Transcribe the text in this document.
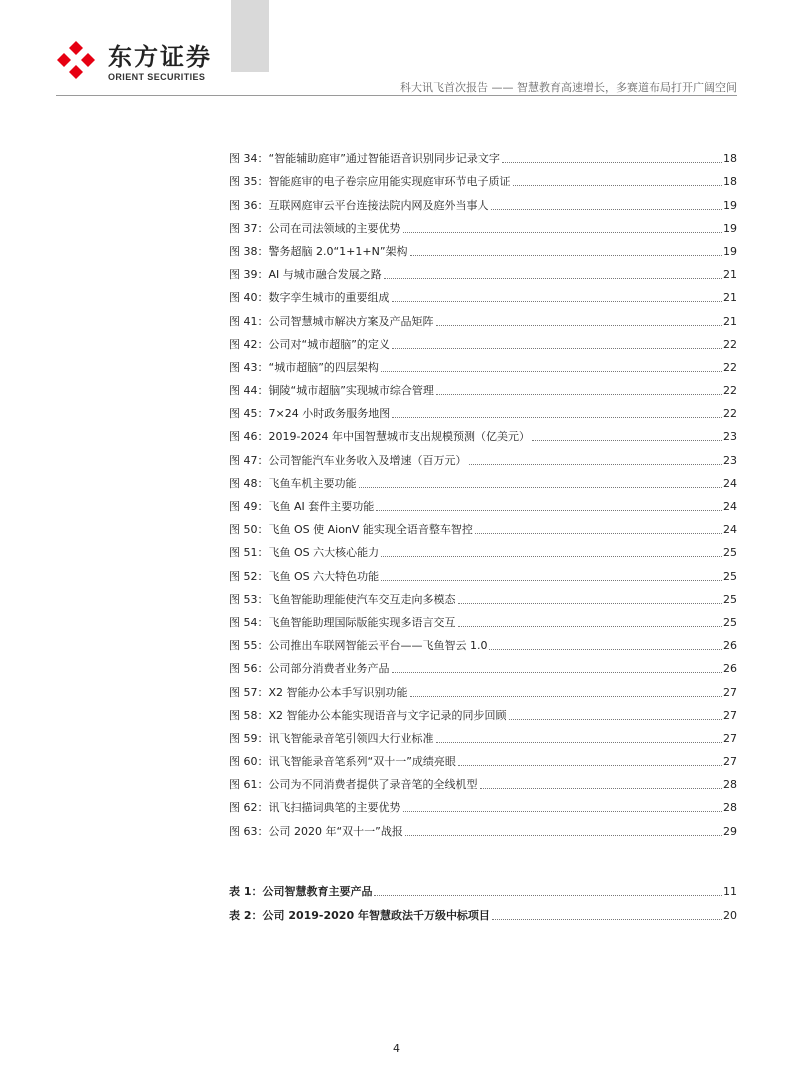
东方证券
ORIENT SECURITIES
科大讯飞首次报告 —— 智慧教育高速增长，多赛道布局打开广阔空间
图 34：“智能辅助庭审”通过智能语音识别同步记录文字	18
图 35：智能庭审的电子卷宗应用能实现庭审环节电子质证	18
图 36：互联网庭审云平台连接法院内网及庭外当事人	19
图 37：公司在司法领域的主要优势	19
图 38：警务超脑 2.0“1+1+N”架构	19
图 39：AI 与城市融合发展之路	21
图 40：数字孪生城市的重要组成	21
图 41：公司智慧城市解决方案及产品矩阵	21
图 42：公司对“城市超脑”的定义	22
图 43：“城市超脑”的四层架构	22
图 44：铜陵“城市超脑”实现城市综合管理	22
图 45：7×24 小时政务服务地图	22
图 46：2019-2024 年中国智慧城市支出规模预测（亿美元）	23
图 47：公司智能汽车业务收入及增速（百万元）	23
图 48：飞鱼车机主要功能	24
图 49：飞鱼 AI 套件主要功能	24
图 50：飞鱼 OS 使 AionV 能实现全语音整车智控	24
图 51：飞鱼 OS 六大核心能力	25
图 52：飞鱼 OS 六大特色功能	25
图 53：飞鱼智能助理能使汽车交互走向多模态	25
图 54：飞鱼智能助理国际版能实现多语言交互	25
图 55：公司推出车联网智能云平台——飞鱼智云 1.0	26
图 56：公司部分消费者业务产品	26
图 57：X2 智能办公本手写识别功能	27
图 58：X2 智能办公本能实现语音与文字记录的同步回顾	27
图 59：讯飞智能录音笔引领四大行业标准	27
图 60：讯飞智能录音笔系列“双十一”成绩亮眼	27
图 61：公司为不同消费者提供了录音笔的全线机型	28
图 62：讯飞扫描词典笔的主要优势	28
图 63：公司 2020 年“双十一”战报	29
表 1：公司智慧教育主要产品	11
表 2：公司 2019-2020 年智慧政法千万级中标项目	20
4
